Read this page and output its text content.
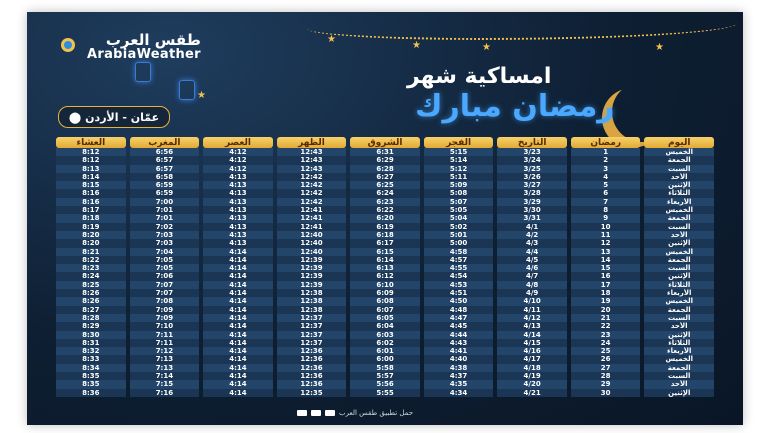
★
★	★	★
★
طقس العرب
ArabiaWeather
امساكية شهر
رمضان مبارك
عمّان - الأردن
⬤
اليوم	رمضان	التاريخ	الفجر	الشروق	الظهر	العصر	المغرب	العشاء
الخميس	1	3/23	5:15	6:31	12:43	4:12	6:56	8:12
الجمعة	2	3/24	5:14	6:29	12:43	4:12	6:57	8:12
السبت	3	3/25	5:12	6:28	12:43	4:12	6:57	8:13
الأحد	4	3/26	5:11	6:27	12:42	4:13	6:58	8:14
الإثنين	5	3/27	5:09	6:25	12:42	4:13	6:59	8:15
الثلاثاء	6	3/28	5:08	6:24	12:42	4:13	6:59	8:16
الأربعاء	7	3/29	5:07	6:23	12:42	4:13	7:00	8:16
الخميس	8	3/30	5:05	6:22	12:41	4:13	7:01	8:17
الجمعة	9	3/31	5:04	6:20	12:41	4:13	7:01	8:18
السبت	10	4/1	5:02	6:19	12:41	4:13	7:02	8:19
الأحد	11	4/2	5:01	6:18	12:40	4:13	7:03	8:20
الإثنين	12	4/3	5:00	6:17	12:40	4:13	7:03	8:20
الخميس	13	4/4	4:58	6:15	12:40	4:14	7:04	8:21
الجمعة	14	4/5	4:57	6:14	12:39	4:14	7:05	8:22
السبت	15	4/6	4:55	6:13	12:39	4:14	7:05	8:23
الإثنين	16	4/7	4:54	6:12	12:39	4:14	7:06	8:24
الثلاثاء	17	4/8	4:53	6:10	12:39	4:14	7:07	8:25
الأربعاء	18	4/9	4:51	6:09	12:38	4:14	7:07	8:26
الخميس	19	4/10	4:50	6:08	12:38	4:14	7:08	8:26
الجمعة	20	4/11	4:48	6:07	12:38	4:14	7:09	8:27
السبت	21	4/12	4:47	6:05	12:37	4:14	7:09	8:28
الأحد	22	4/13	4:45	6:04	12:37	4:14	7:10	8:29
الإثنين	23	4/14	4:44	6:03	12:37	4:14	7:11	8:30
الثلاثاء	24	4/15	4:43	6:02	12:37	4:14	7:11	8:31
الأربعاء	25	4/16	4:41	6:01	12:36	4:14	7:12	8:32
الخميس	26	4/17	4:40	6:00	12:36	4:14	7:13	8:33
الجمعة	27	4/18	4:38	5:58	12:36	4:14	7:13	8:34
السبت	28	4/19	4:37	5:57	12:36	4:14	7:14	8:35
الأحد	29	4/20	4:35	5:56	12:36	4:14	7:15	8:35
الإثنين	30	4/21	4:34	5:55	12:35	4:14	7:16	8:36
حمل تطبيق طقس العرب
